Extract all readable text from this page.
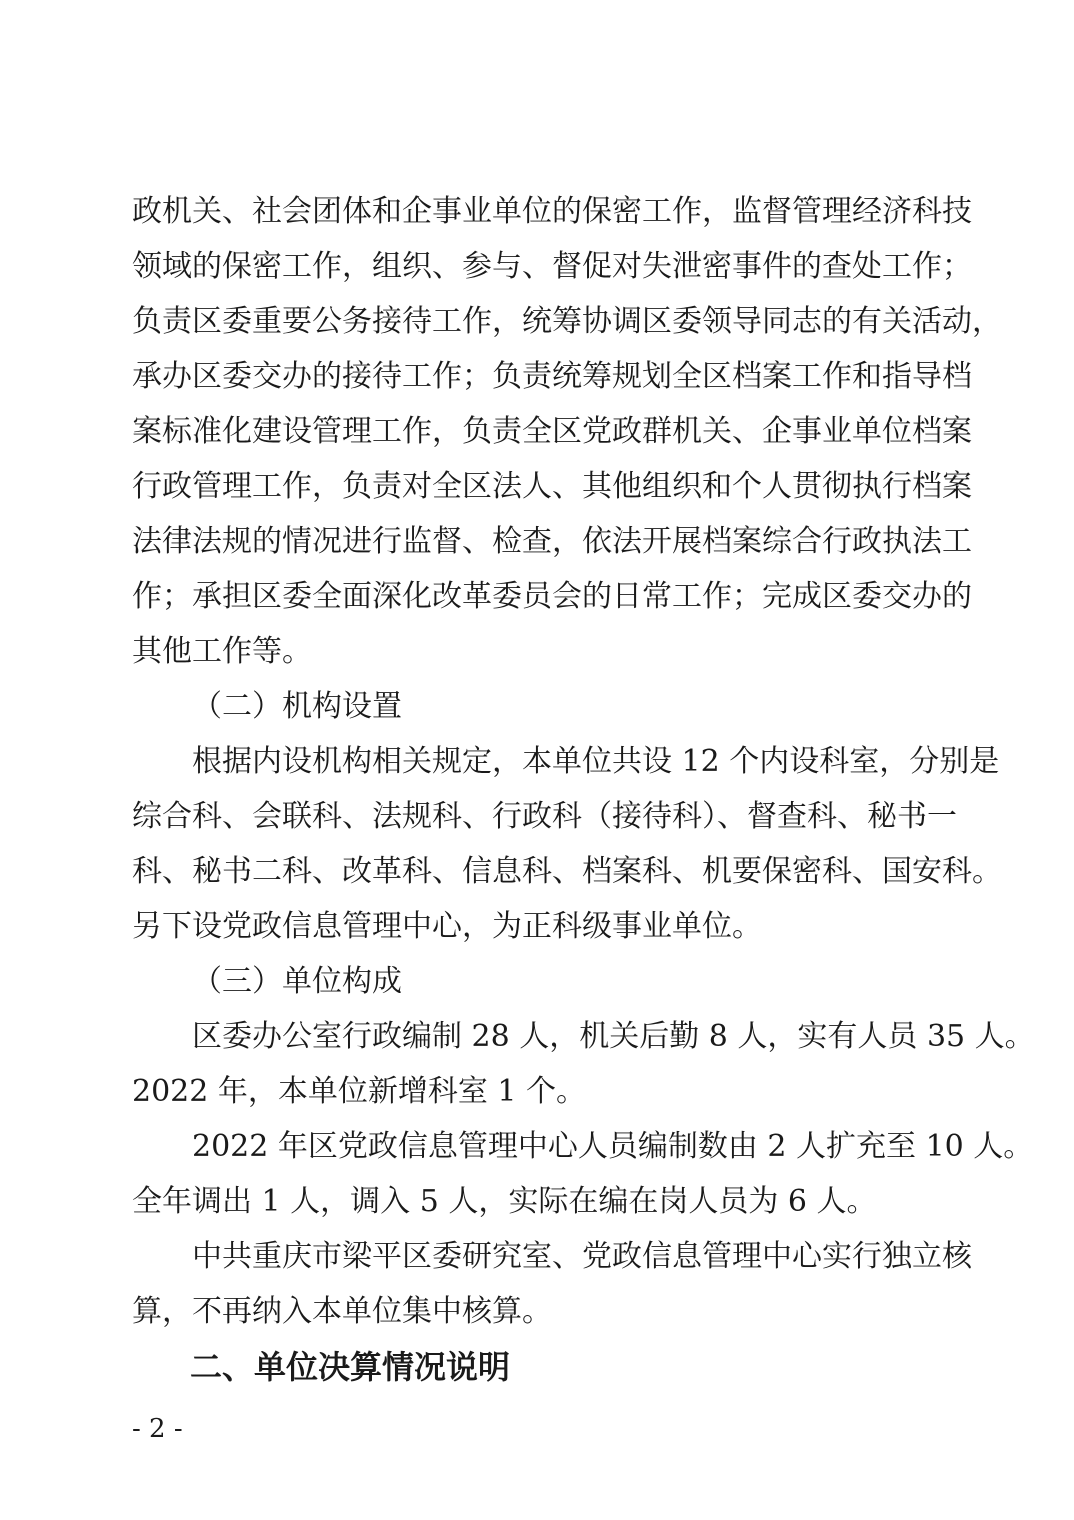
政机关、社会团体和企事业单位的保密工作，监督管理经济科技
领域的保密工作，组织、参与、督促对失泄密事件的查处工作；
负责区委重要公务接待工作，统筹协调区委领导同志的有关活动，
承办区委交办的接待工作；负责统筹规划全区档案工作和指导档
案标准化建设管理工作，负责全区党政群机关、企事业单位档案
行政管理工作，负责对全区法人、其他组织和个人贯彻执行档案
法律法规的情况进行监督、检查，依法开展档案综合行政执法工
作；承担区委全面深化改革委员会的日常工作；完成区委交办的
其他工作等。
（二）机构设置
根据内设机构相关规定，本单位共设 12 个内设科室，分别是
综合科、会联科、法规科、行政科（接待科）、督查科、秘书一
科、秘书二科、改革科、信息科、档案科、机要保密科、国安科。
另下设党政信息管理中心，为正科级事业单位。
（三）单位构成
区委办公室行政编制 28 人，机关后勤 8 人，实有人员 35 人。
2022 年，本单位新增科室 1 个。
2022 年区党政信息管理中心人员编制数由 2 人扩充至 10 人。
全年调出 1 人，调入 5 人，实际在编在岗人员为 6 人。
中共重庆市梁平区委研究室、党政信息管理中心实行独立核
算，不再纳入本单位集中核算。
二、单位决算情况说明
- 2 -
